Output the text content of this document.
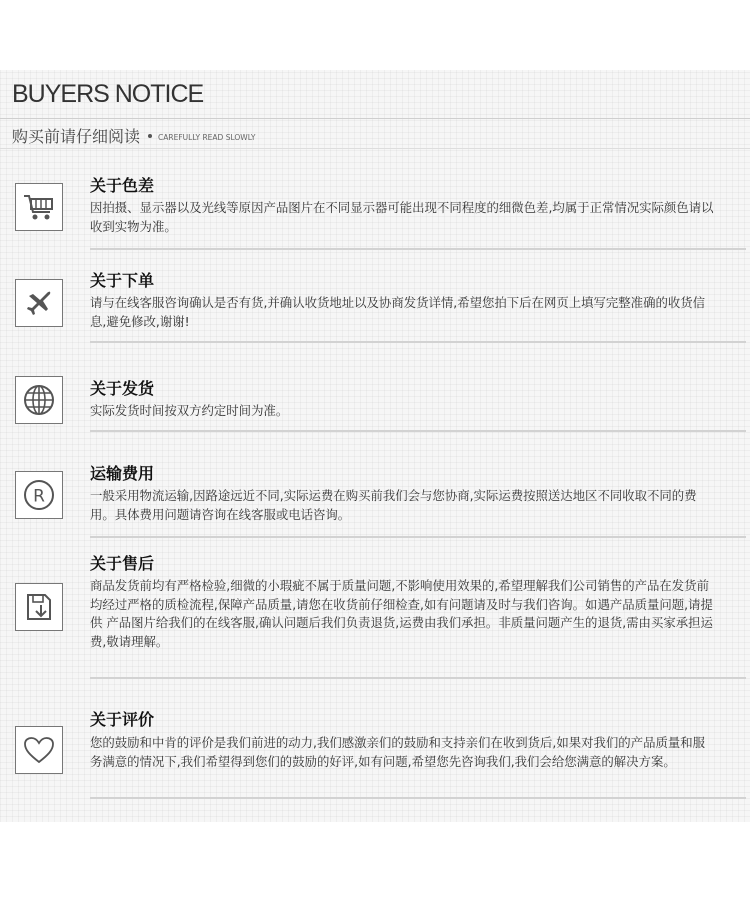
BUYERS NOTICE
购买前请仔细阅读 CAREFULLY READ SLOWLY
关于色差
因拍摄、显示器以及光线等原因产品图片在不同显示器可能出现不同程度的细微色差,均属于正常情况实际颜色请以收到实物为准。
关于下单
请与在线客服咨询确认是否有货,并确认收货地址以及协商发货详情,希望您拍下后在网页上填写完整准确的收货信息,避免修改,谢谢!
关于发货
实际发货时间按双方约定时间为准。
R
运输费用
一般采用物流运输,因路途远近不同,实际运费在购买前我们会与您协商,实际运费按照送达地区不同收取不同的费用。具体费用问题请咨询在线客服或电话咨询。
关于售后
商品发货前均有严格检验,细微的小瑕疵不属于质量问题,不影响使用效果的,希望理解我们公司销售的产品在发货前均经过严格的质检流程,保障产品质量,请您在收货前仔细检查,如有问题请及时与我们咨询。如遇产品质量问题,请提供 产品图片给我们的在线客服,确认问题后我们负责退货,运费由我们承担。非质量问题产生的退货,需由买家承担运费,敬请理解。
关于评价
您的鼓励和中肯的评价是我们前进的动力,我们感激亲们的鼓励和支持亲们在收到货后,如果对我们的产品质量和服务满意的情况下,我们希望得到您们的鼓励的好评,如有问题,希望您先咨询我们,我们会给您满意的解决方案。
